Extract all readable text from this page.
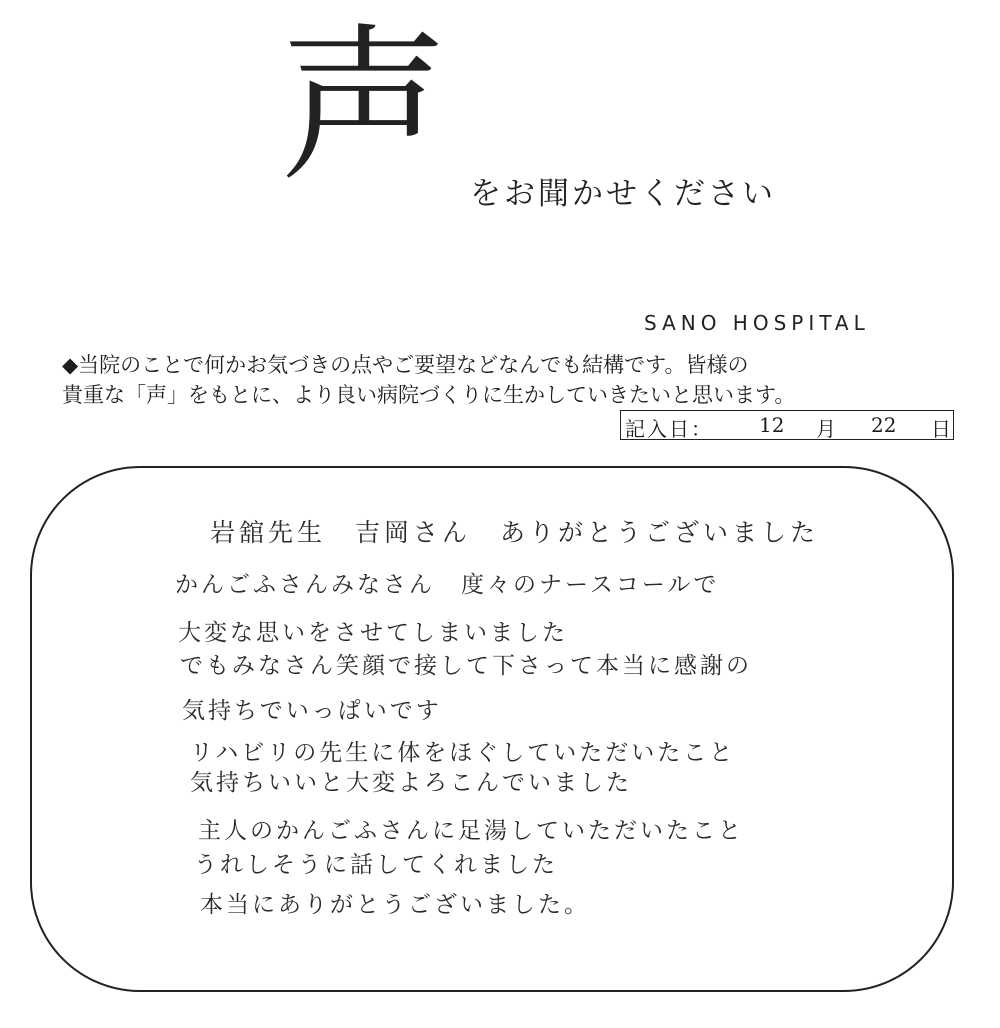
声 をお聞かせください
SANO HOSPITAL
◆当院のことで何かお気づきの点やご要望などなんでも結構です。皆様の
貴重な「声」をもとに、より良い病院づくりに生かしていきたいと思います。
記入日： 12 月 22 日
岩舘先生　吉岡さん　ありがとうございました
かんごふさんみなさん　度々のナースコールで
大変な思いをさせてしまいました
でもみなさん笑顔で接して下さって本当に感謝の
気持ちでいっぱいです
リハビリの先生に体をほぐしていただいたこと
気持ちいいと大変よろこんでいました
主人のかんごふさんに足湯していただいたこと
うれしそうに話してくれました
本当にありがとうございました。
